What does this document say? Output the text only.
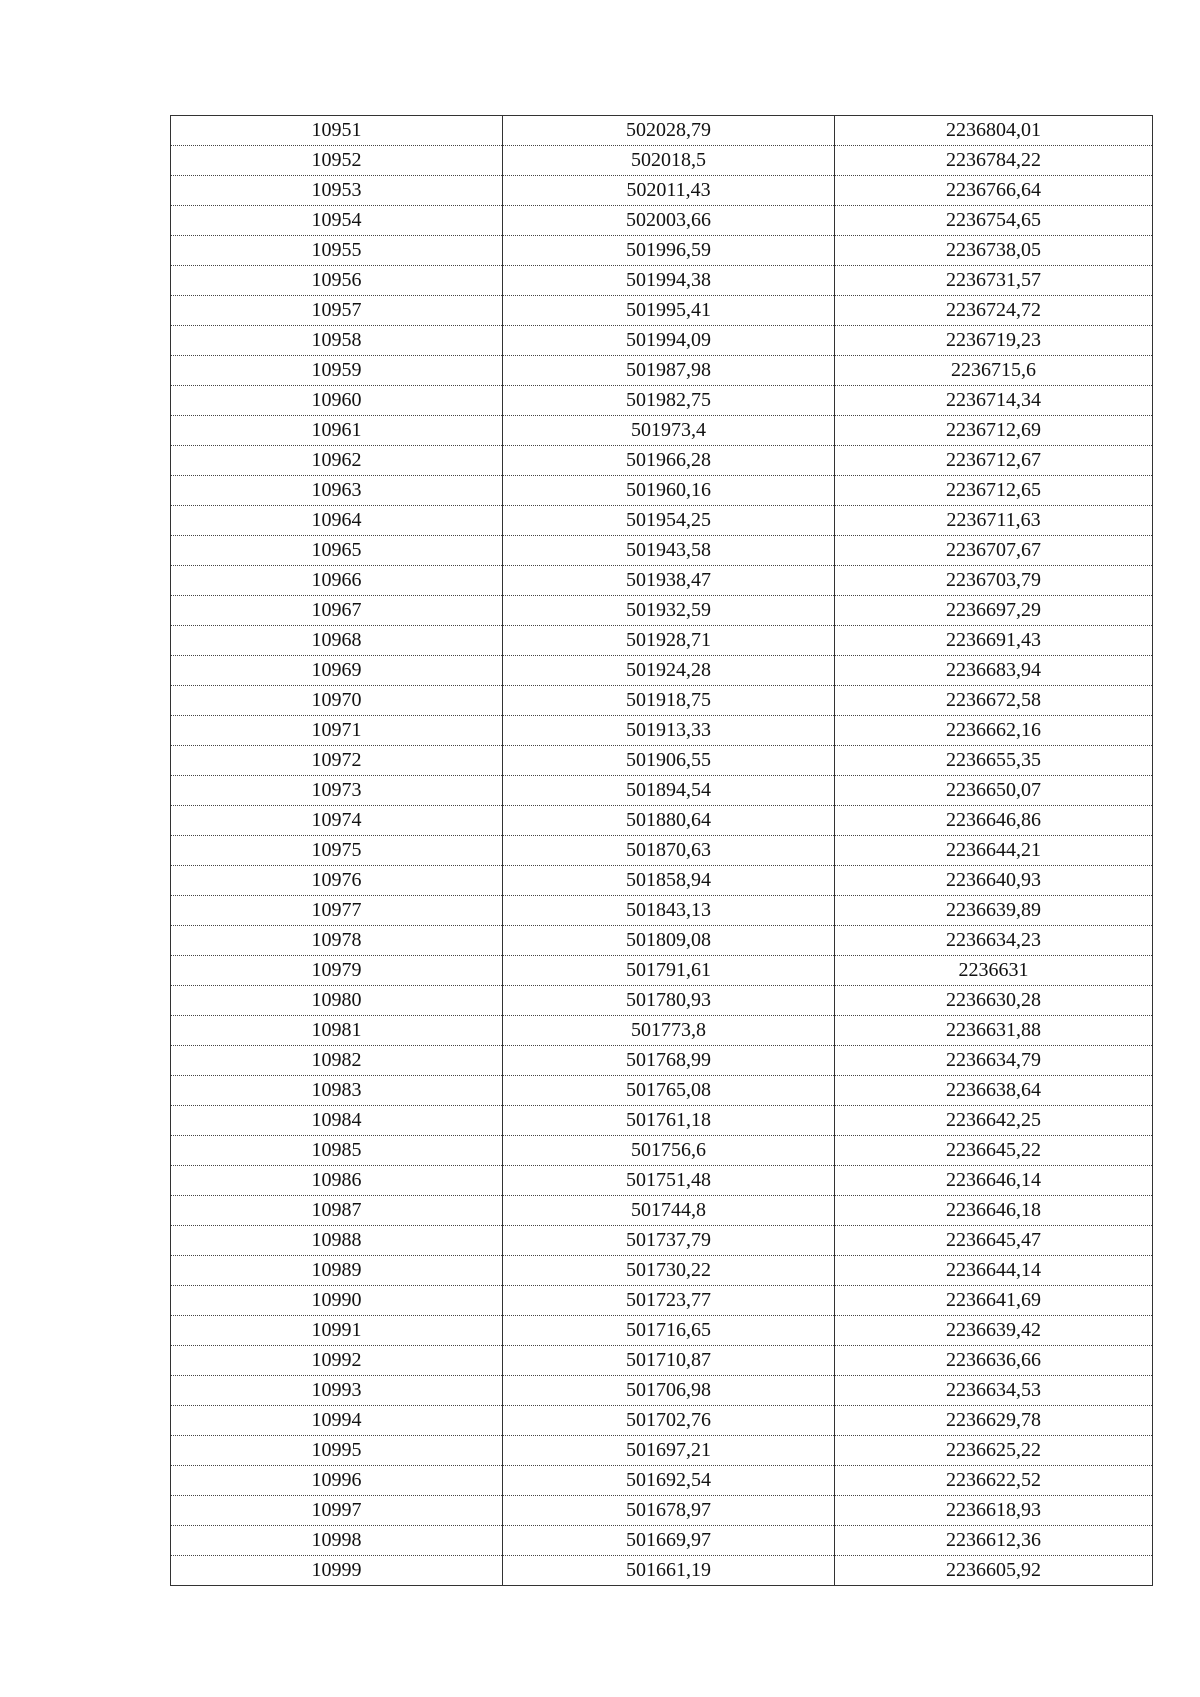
10951	502028,79	2236804,01
10952	502018,5	2236784,22
10953	502011,43	2236766,64
10954	502003,66	2236754,65
10955	501996,59	2236738,05
10956	501994,38	2236731,57
10957	501995,41	2236724,72
10958	501994,09	2236719,23
10959	501987,98	2236715,6
10960	501982,75	2236714,34
10961	501973,4	2236712,69
10962	501966,28	2236712,67
10963	501960,16	2236712,65
10964	501954,25	2236711,63
10965	501943,58	2236707,67
10966	501938,47	2236703,79
10967	501932,59	2236697,29
10968	501928,71	2236691,43
10969	501924,28	2236683,94
10970	501918,75	2236672,58
10971	501913,33	2236662,16
10972	501906,55	2236655,35
10973	501894,54	2236650,07
10974	501880,64	2236646,86
10975	501870,63	2236644,21
10976	501858,94	2236640,93
10977	501843,13	2236639,89
10978	501809,08	2236634,23
10979	501791,61	2236631
10980	501780,93	2236630,28
10981	501773,8	2236631,88
10982	501768,99	2236634,79
10983	501765,08	2236638,64
10984	501761,18	2236642,25
10985	501756,6	2236645,22
10986	501751,48	2236646,14
10987	501744,8	2236646,18
10988	501737,79	2236645,47
10989	501730,22	2236644,14
10990	501723,77	2236641,69
10991	501716,65	2236639,42
10992	501710,87	2236636,66
10993	501706,98	2236634,53
10994	501702,76	2236629,78
10995	501697,21	2236625,22
10996	501692,54	2236622,52
10997	501678,97	2236618,93
10998	501669,97	2236612,36
10999	501661,19	2236605,92
